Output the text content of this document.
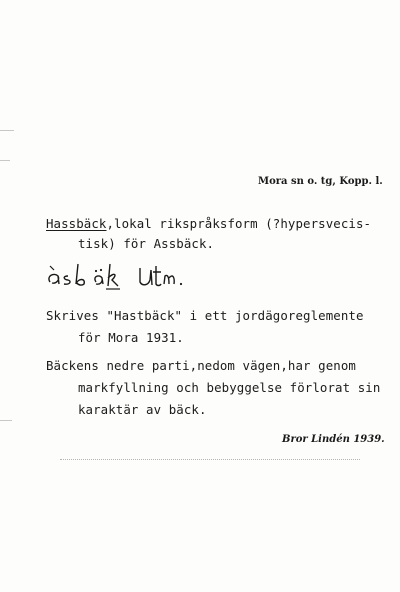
Mora sn o. tg, Kopp. l.
Hassbäck,lokal rikspråksform (?hypersvecis-
tisk) för Assbäck.
Skrives "Hastbäck" i ett jordägoreglemente
för Mora 1931.
Bäckens nedre parti,nedom vägen,har genom
markfyllning och bebyggelse förlorat sin
karaktär av bäck.
Bror Lindén 1939.
